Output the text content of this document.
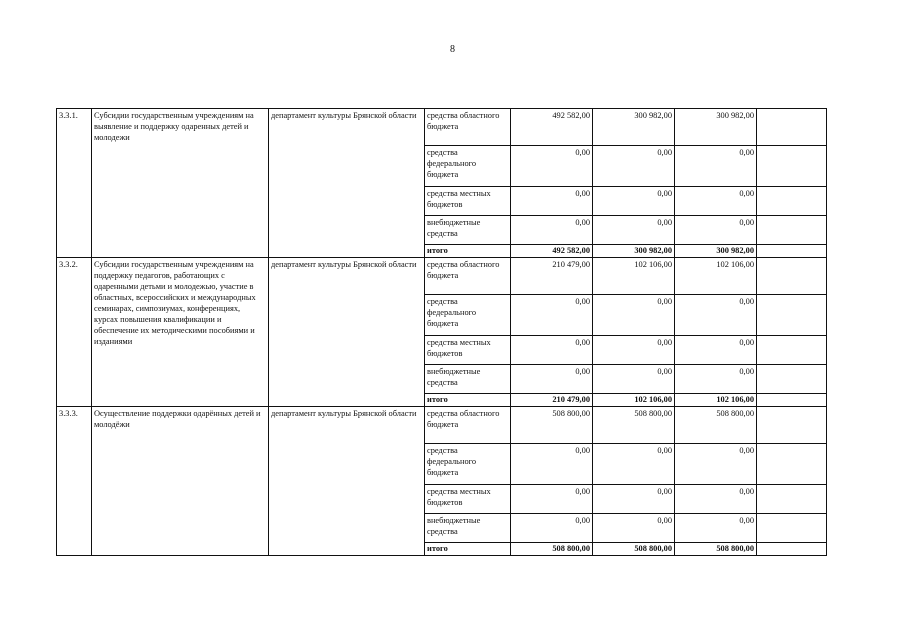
8
3.3.1.	Субсидии государственным учреждениям на выявление и поддержку одаренных детей и молодежи	департамент культуры Брянской области	средства областного бюджета	492 582,00	300 982,00	300 982,00	
			средства федерального бюджета	0,00	0,00	0,00	
			средства местных бюджетов	0,00	0,00	0,00	
			внебюджетные средства	0,00	0,00	0,00	
			итого	492 582,00	300 982,00	300 982,00	
3.3.2.	Субсидии государственным учреждениям на поддержку педагогов, работающих с одаренными детьми и молодежью, участие в областных, всероссийских и международных семинарах, симпозиумах, конференциях, курсах повышения квалификации и обеспечение их методическими пособиями и изданиями	департамент культуры Брянской области	средства областного бюджета	210 479,00	102 106,00	102 106,00	
			средства федерального бюджета	0,00	0,00	0,00	
			средства местных бюджетов	0,00	0,00	0,00	
			внебюджетные средства	0,00	0,00	0,00	
			итого	210 479,00	102 106,00	102 106,00	
3.3.3.	Осуществление поддержки одарённых детей и молодёжи	департамент культуры Брянской области	средства областного бюджета	508 800,00	508 800,00	508 800,00	
			средства федерального бюджета	0,00	0,00	0,00	
			средства местных бюджетов	0,00	0,00	0,00	
			внебюджетные средства	0,00	0,00	0,00	
			итого	508 800,00	508 800,00	508 800,00	
